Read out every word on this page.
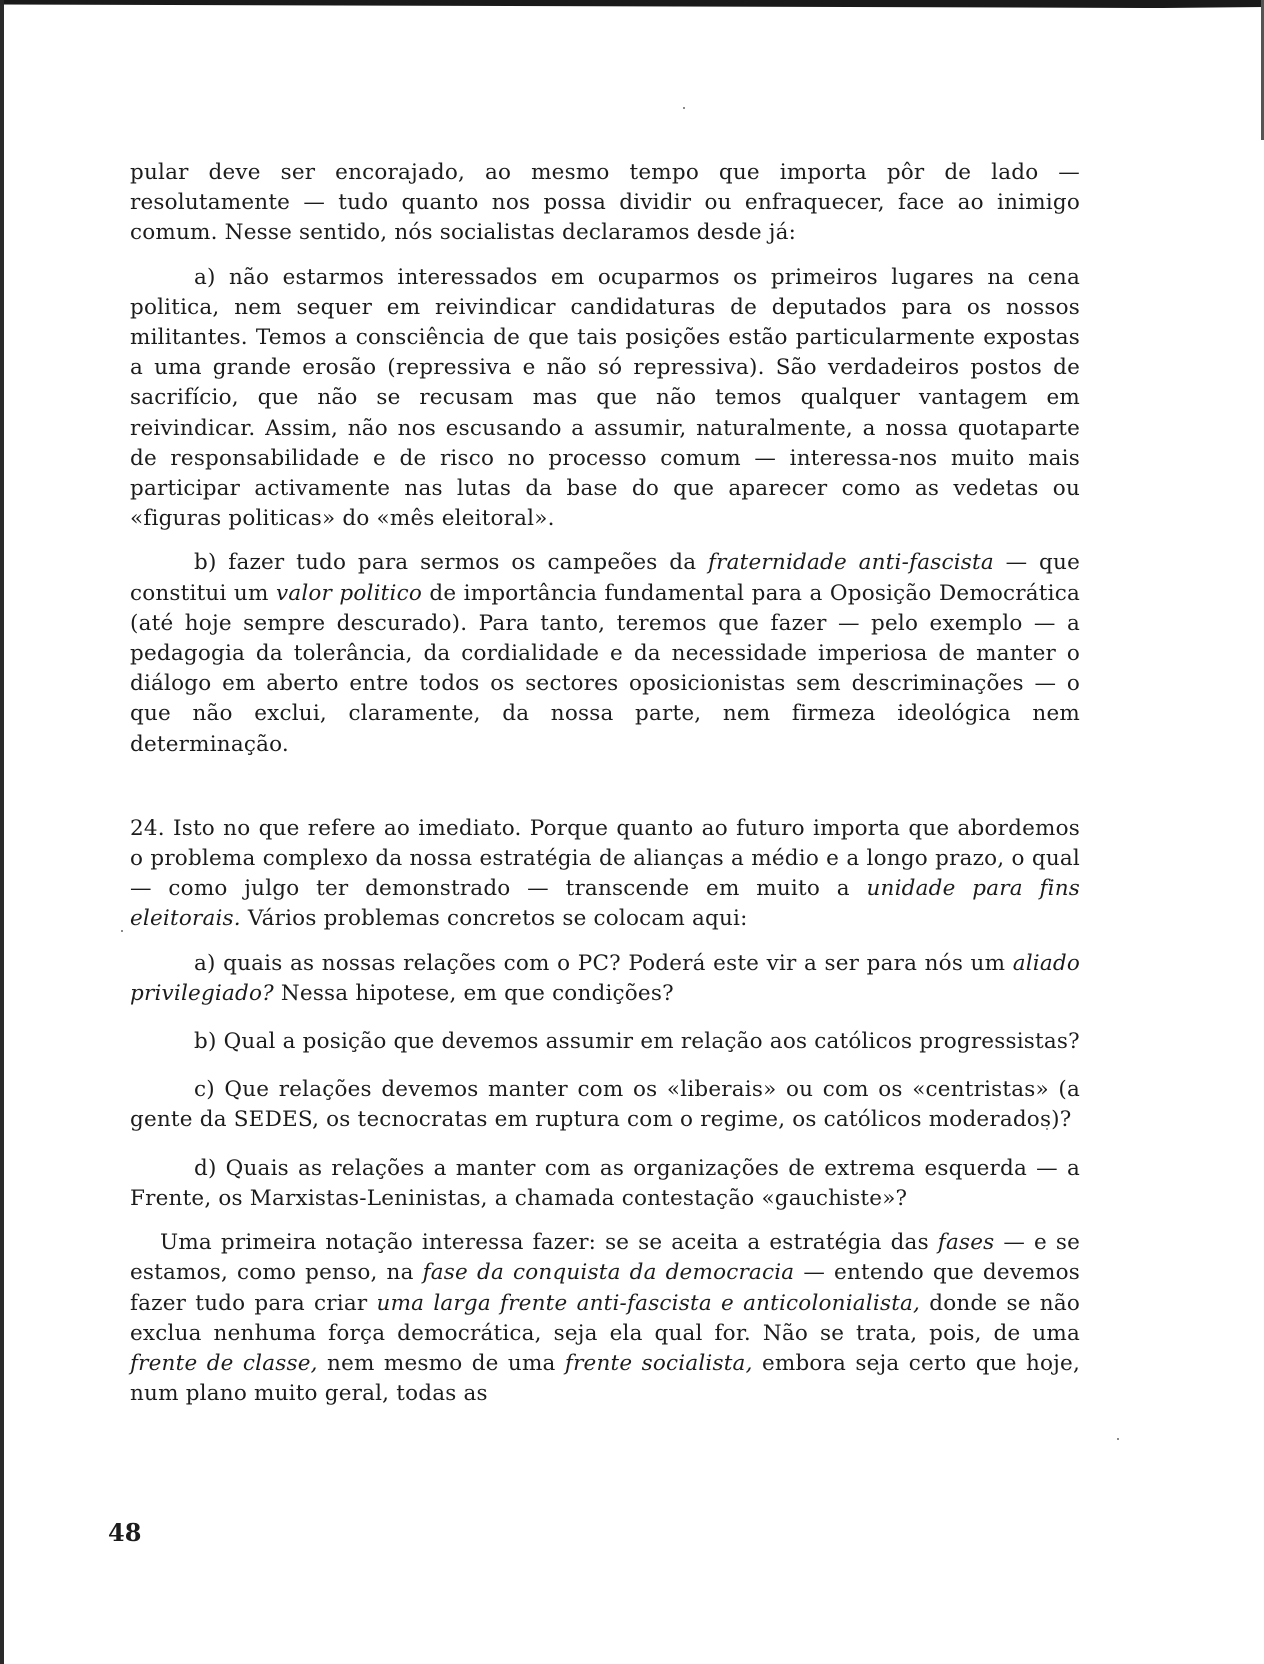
pular deve ser encorajado, ao mesmo tempo que importa pôr de lado — resolutamente — tudo quanto nos possa dividir ou enfraquecer, face ao inimigo comum. Nesse sentido, nós socialistas declaramos desde já:

a) não estarmos interessados em ocuparmos os primeiros lugares na cena politica, nem sequer em reivindicar candidaturas de deputados para os nossos militantes. Temos a consciência de que tais posições estão particularmente expostas a uma grande erosão (repressiva e não só repressiva). São verdadeiros postos de sacrifício, que não se recusam mas que não temos qualquer vantagem em reivindicar. Assim, não nos escusando a assumir, naturalmente, a nossa quotaparte de responsabilidade e de risco no processo comum — interessa-nos muito mais participar activamente nas lutas da base do que aparecer como as vedetas ou «figuras politicas» do «mês eleitoral».

b) fazer tudo para sermos os campeões da fraternidade anti-fascista — que constitui um valor politico de importância fundamental para a Oposição Democrática (até hoje sempre descurado). Para tanto, teremos que fazer — pelo exemplo — a pedagogia da tolerância, da cordialidade e da necessidade imperiosa de manter o diálogo em aberto entre todos os sectores oposicionistas sem descriminações — o que não exclui, claramente, da nossa parte, nem firmeza ideológica nem determinação.

24. Isto no que refere ao imediato. Porque quanto ao futuro importa que abordemos o problema complexo da nossa estratégia de alianças a médio e a longo prazo, o qual — como julgo ter demonstrado — transcende em muito a unidade para fins eleitorais. Vários problemas concretos se colocam aqui:

a) quais as nossas relações com o PC? Poderá este vir a ser para nós um aliado privilegiado? Nessa hipotese, em que condições?

b) Qual a posição que devemos assumir em relação aos católicos progressistas?

c) Que relações devemos manter com os «liberais» ou com os «centristas» (a gente da SEDES, os tecnocratas em ruptura com o regime, os católicos moderados)?

d) Quais as relações a manter com as organizações de extrema esquerda — a Frente, os Marxistas-Leninistas, a chamada contestação «gauchiste»?

Uma primeira notação interessa fazer: se se aceita a estratégia das fases — e se estamos, como penso, na fase da conquista da democracia — entendo que devemos fazer tudo para criar uma larga frente anti-fascista e anticolonialista, donde se não exclua nenhuma força democrática, seja ela qual for. Não se trata, pois, de uma frente de classe, nem mesmo de uma frente socialista, embora seja certo que hoje, num plano muito geral, todas as

48
